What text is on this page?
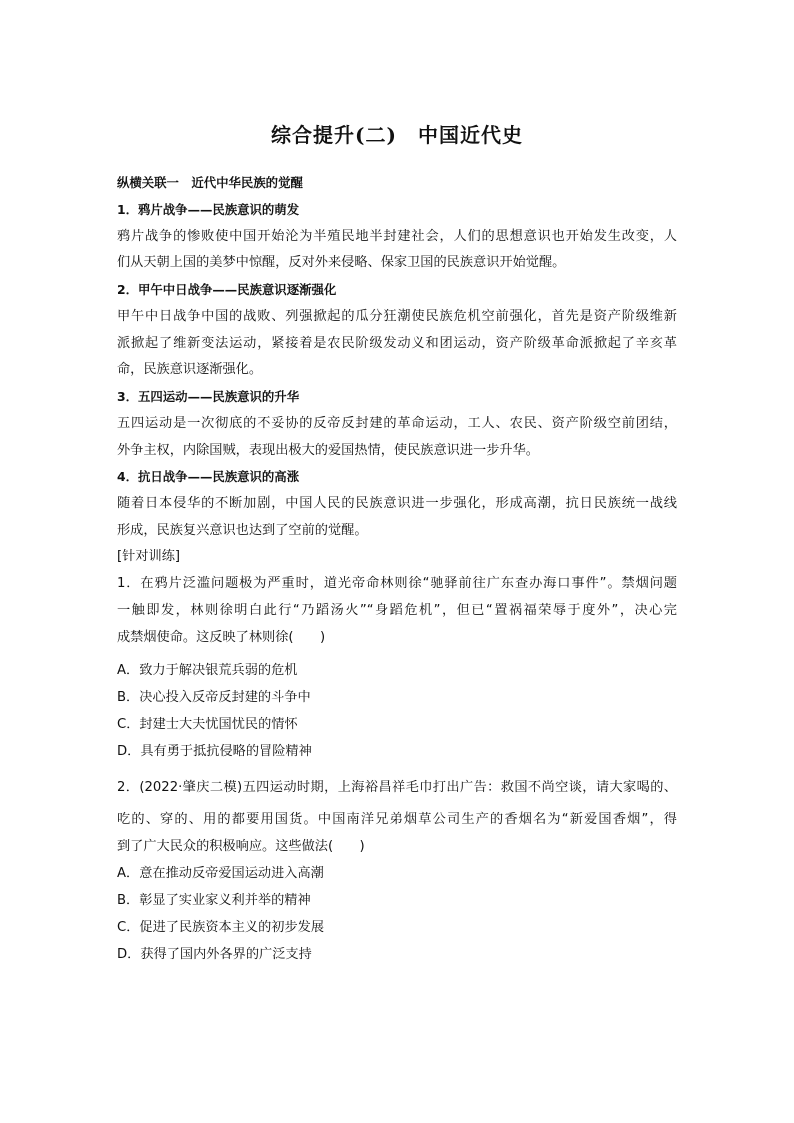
综合提升(二)　中国近代史
纵横关联一　近代中华民族的觉醒
1．鸦片战争——民族意识的萌发
鸦片战争的惨败使中国开始沦为半殖民地半封建社会，人们的思想意识也开始发生改变，人
们从天朝上国的美梦中惊醒，反对外来侵略、保家卫国的民族意识开始觉醒。
2．甲午中日战争——民族意识逐渐强化
甲午中日战争中国的战败、列强掀起的瓜分狂潮使民族危机空前强化，首先是资产阶级维新
派掀起了维新变法运动，紧接着是农民阶级发动义和团运动，资产阶级革命派掀起了辛亥革
命，民族意识逐渐强化。
3．五四运动——民族意识的升华
五四运动是一次彻底的不妥协的反帝反封建的革命运动，工人、农民、资产阶级空前团结，
外争主权，内除国贼，表现出极大的爱国热情，使民族意识进一步升华。
4．抗日战争——民族意识的高涨
随着日本侵华的不断加剧，中国人民的民族意识进一步强化，形成高潮，抗日民族统一战线
形成，民族复兴意识也达到了空前的觉醒。
[针对训练]
1．在鸦片泛滥问题极为严重时，道光帝命林则徐“驰驿前往广东查办海口事件”。禁烟问题
一触即发，林则徐明白此行“乃蹈汤火”“身蹈危机”，但已“置祸福荣辱于度外”，决心完
成禁烟使命。这反映了林则徐(　　)
A．致力于解决银荒兵弱的危机
B．决心投入反帝反封建的斗争中
C．封建士大夫忧国忧民的情怀
D．具有勇于抵抗侵略的冒险精神
2．(2022·肇庆二模)五四运动时期，上海裕昌祥毛巾打出广告：救国不尚空谈，请大家喝的、
吃的、穿的、用的都要用国货。中国南洋兄弟烟草公司生产的香烟名为“新爱国香烟”，得
到了广大民众的积极响应。这些做法(　　)
A．意在推动反帝爱国运动进入高潮
B．彰显了实业家义利并举的精神
C．促进了民族资本主义的初步发展
D．获得了国内外各界的广泛支持
